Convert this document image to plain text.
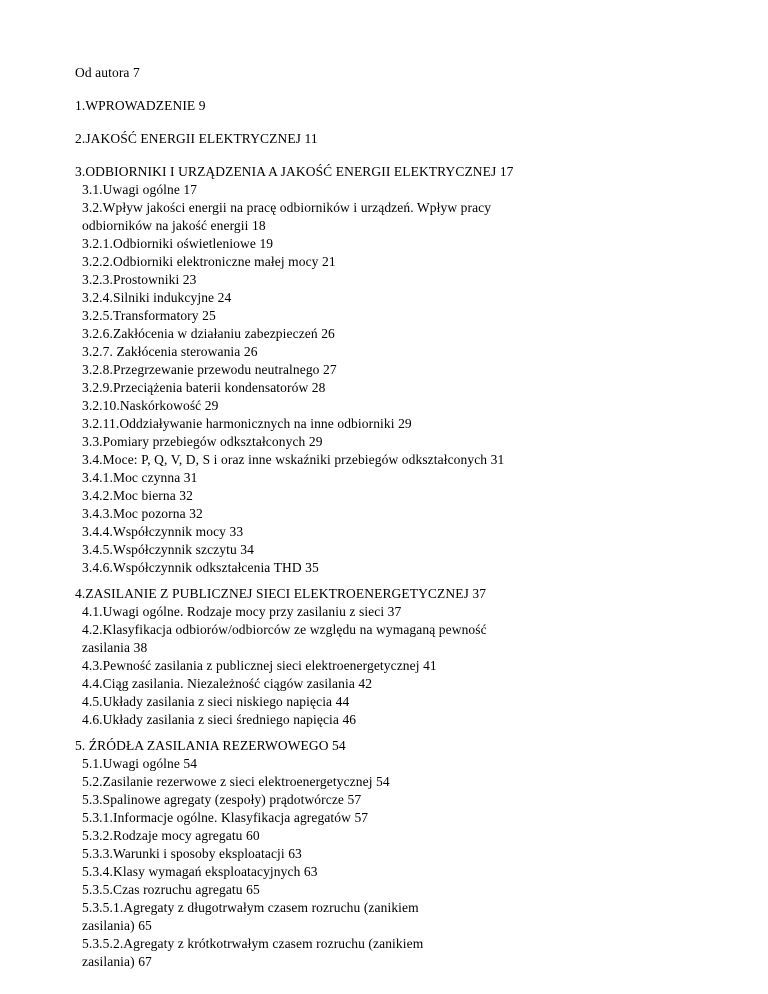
Od autora 7
1.WPROWADZENIE 9
2.JAKOŚĆ ENERGII ELEKTRYCZNEJ 11
3.ODBIORNIKI I URZĄDZENIA A JAKOŚĆ ENERGII ELEKTRYCZNEJ 17
3.1.Uwagi ogólne 17
3.2.Wpływ jakości energii na pracę odbiorników i urządzeń. Wpływ pracy
odbiorników na jakość energii 18
3.2.1.Odbiorniki oświetleniowe 19
3.2.2.Odbiorniki elektroniczne małej mocy 21
3.2.3.Prostowniki 23
3.2.4.Silniki indukcyjne 24
3.2.5.Transformatory 25
3.2.6.Zakłócenia w działaniu zabezpieczeń 26
3.2.7. Zakłócenia sterowania 26
3.2.8.Przegrzewanie przewodu neutralnego 27
3.2.9.Przeciążenia baterii kondensatorów 28
3.2.10.Naskórkowość 29
3.2.11.Oddziaływanie harmonicznych na inne odbiorniki 29
3.3.Pomiary przebiegów odkształconych 29
3.4.Moce: P, Q, V, D, S i oraz inne wskaźniki przebiegów odkształconych 31
3.4.1.Moc czynna 31
3.4.2.Moc bierna 32
3.4.3.Moc pozorna 32
3.4.4.Współczynnik mocy 33
3.4.5.Współczynnik szczytu 34
3.4.6.Współczynnik odkształcenia THD 35
4.ZASILANIE Z PUBLICZNEJ SIECI ELEKTROENERGETYCZNEJ 37
4.1.Uwagi ogólne. Rodzaje mocy przy zasilaniu z sieci 37
4.2.Klasyfikacja odbiorów/odbiorców ze względu na wymaganą pewność
zasilania 38
4.3.Pewność zasilania z publicznej sieci elektroenergetycznej 41
4.4.Ciąg zasilania. Niezależność ciągów zasilania 42
4.5.Układy zasilania z sieci niskiego napięcia 44
4.6.Układy zasilania z sieci średniego napięcia 46
5. ŹRÓDŁA ZASILANIA REZERWOWEGO 54
5.1.Uwagi ogólne 54
5.2.Zasilanie rezerwowe z sieci elektroenergetycznej 54
5.3.Spalinowe agregaty (zespoły) prądotwórcze 57
5.3.1.Informacje ogólne. Klasyfikacja agregatów 57
5.3.2.Rodzaje mocy agregatu 60
5.3.3.Warunki i sposoby eksploatacji 63
5.3.4.Klasy wymagań eksploatacyjnych 63
5.3.5.Czas rozruchu agregatu 65
5.3.5.1.Agregaty z długotrwałym czasem rozruchu (zanikiem
zasilania) 65
5.3.5.2.Agregaty z krótkotrwałym czasem rozruchu (zanikiem
zasilania) 67
